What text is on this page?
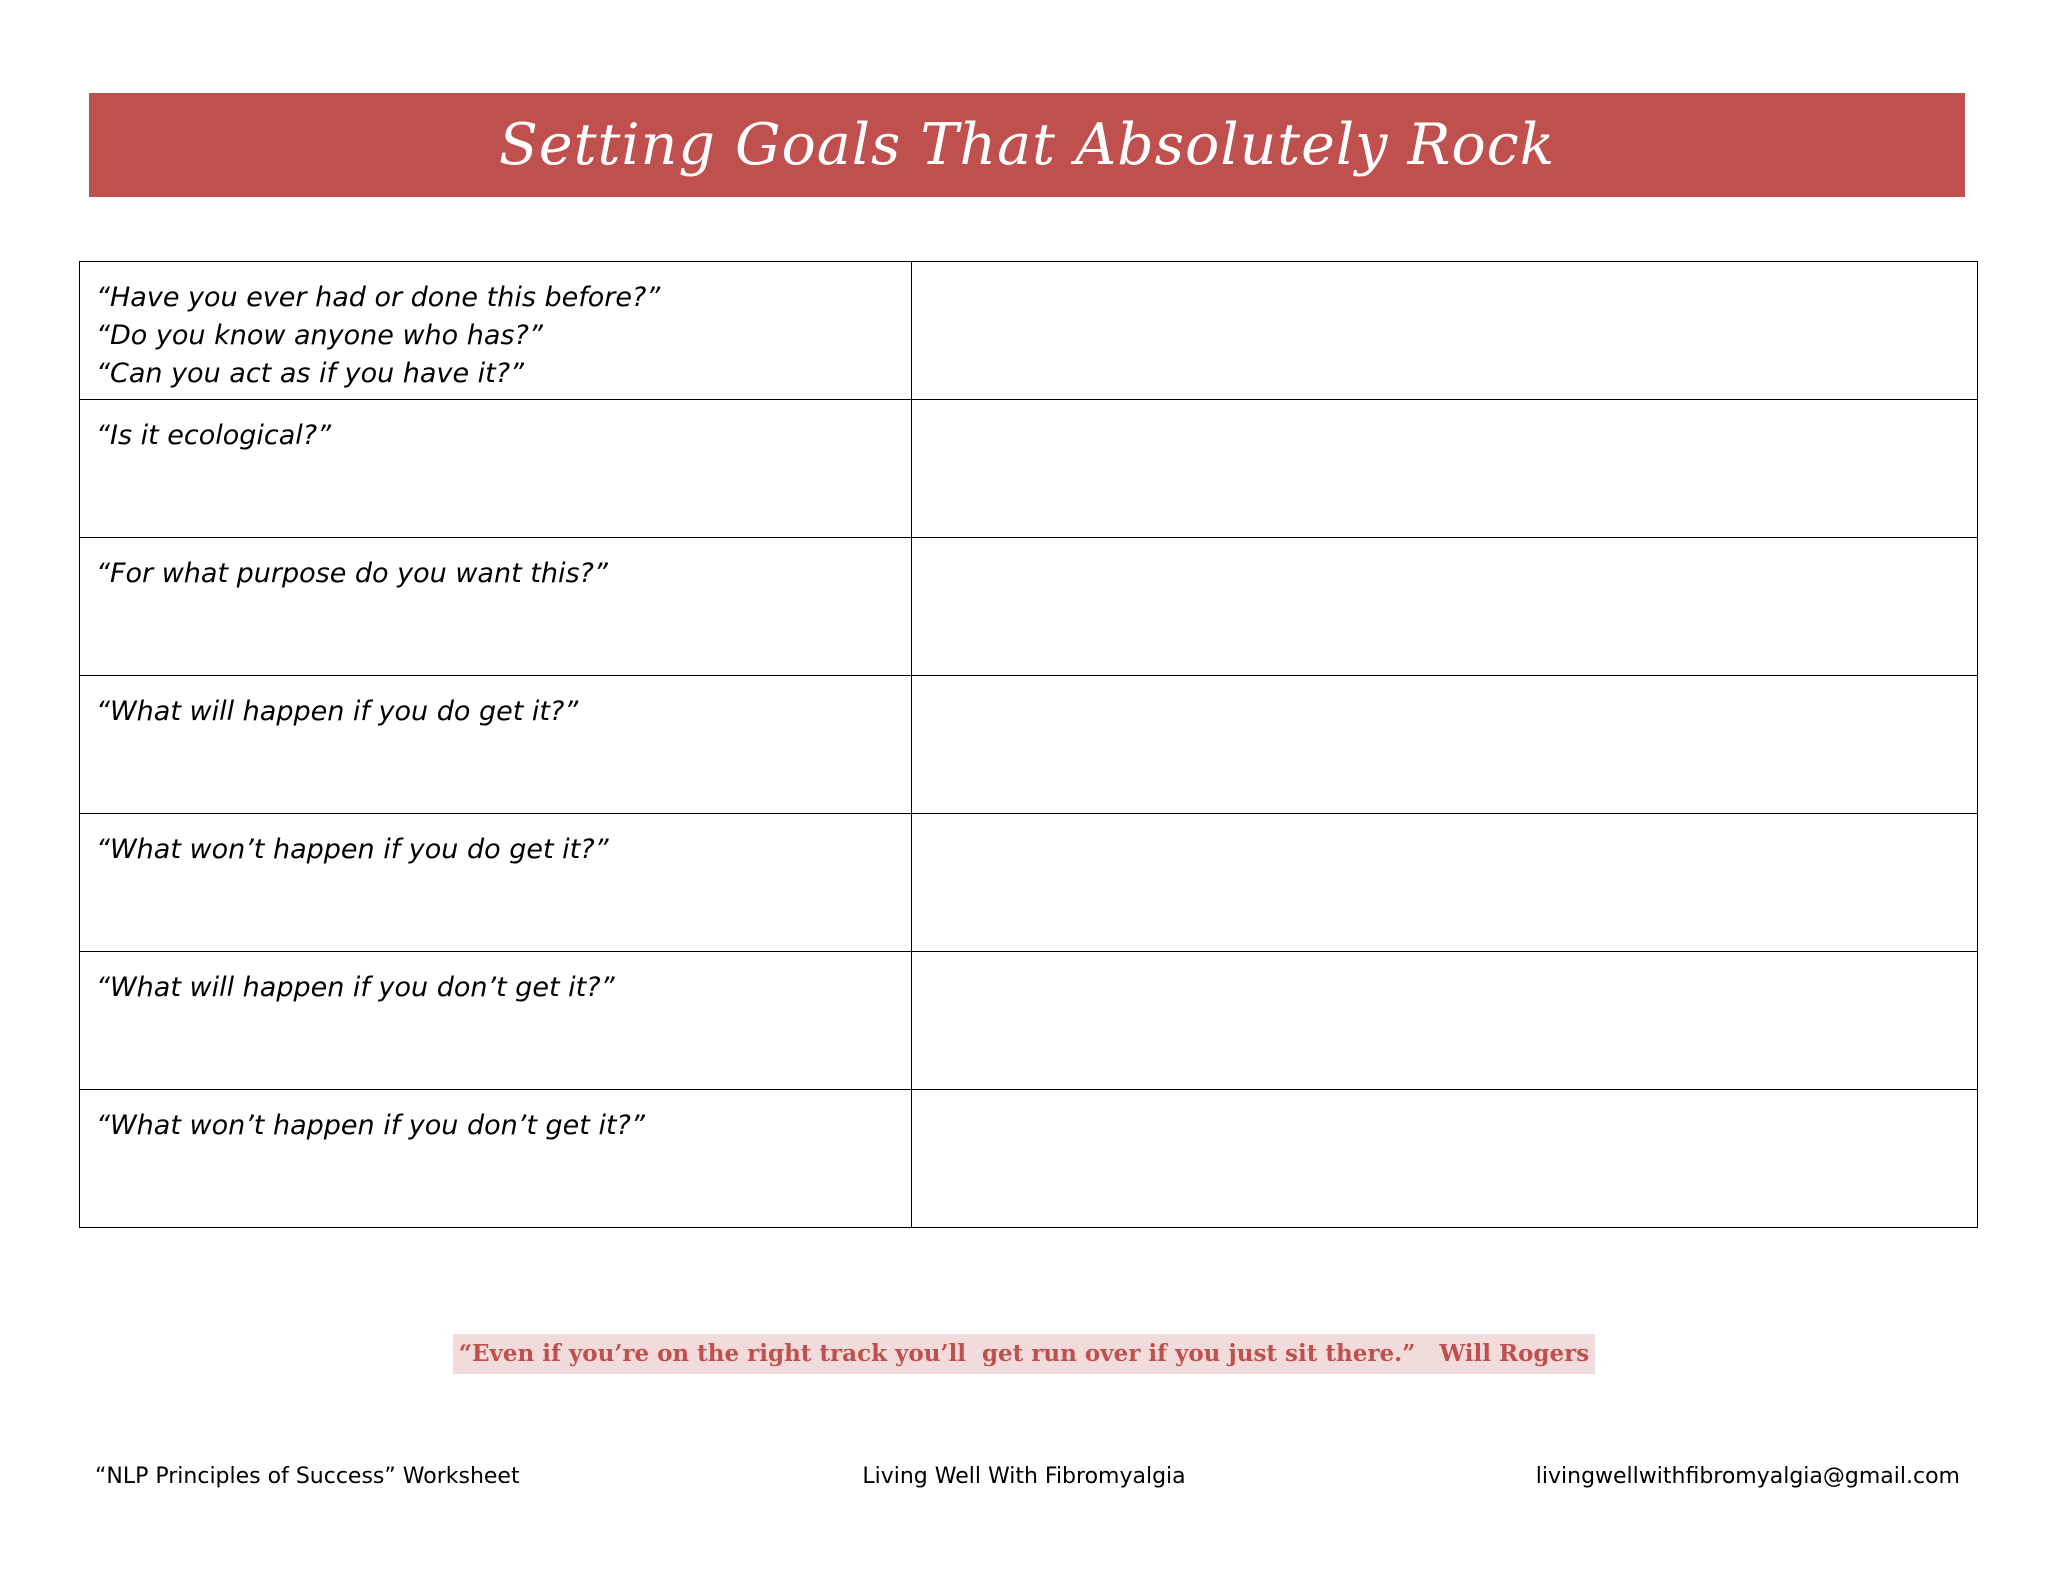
Setting Goals That Absolutely Rock
“Have you ever had or done this before?”
“Do you know anyone who has?”
“Can you act as if you have it?”	

“Is it ecological?”	

“For what purpose do you want this?”	

“What will happen if you do get it?”	

“What won’t happen if you do get it?”	

“What will happen if you don’t get it?”	

“What won’t happen if you don’t get it?”	

“Even if you’re on the right track you’ll  get run over if you just sit there.”   Will Rogers
“NLP Principles of Success” Worksheet	Living Well With Fibromyalgia	livingwellwithfibromyalgia@gmail.com
